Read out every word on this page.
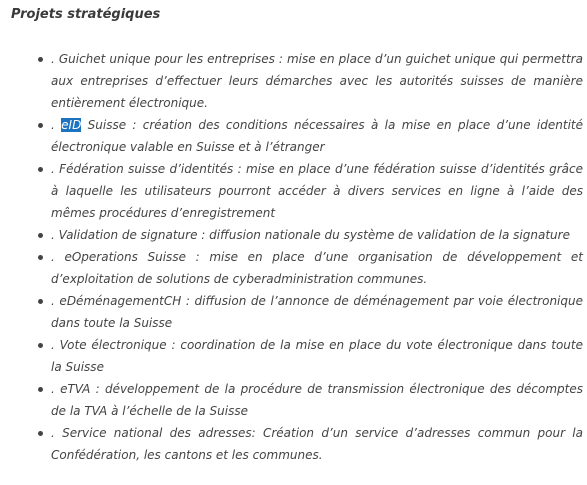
Projets stratégiques
. Guichet unique pour les entreprises : mise en place d’un guichet unique qui permettra aux entreprises d’effectuer leurs démarches avec les autorités suisses de manière entièrement électronique.
. eID Suisse : création des conditions nécessaires à la mise en place d’une identité électronique valable en Suisse et à l’étranger
. Fédération suisse d’identités : mise en place d’une fédération suisse d’identités grâce à laquelle les utilisateurs pourront accéder à divers services en ligne à l’aide des mêmes procédures d’enregistrement
. Validation de signature : diffusion nationale du système de validation de la signature
. eOperations Suisse : mise en place d’une organisation de développement et d’exploitation de solutions de cyberadministration communes.
. eDéménagementCH : diffusion de l’annonce de déménagement par voie électronique dans toute la Suisse
. Vote électronique : coordination de la mise en place du vote électronique dans toute la Suisse
. eTVA : développement de la procédure de transmission électronique des décomptes de la TVA à l’échelle de la Suisse
. Service national des adresses: Création d’un service d’adresses commun pour la Confédération, les cantons et les communes.
